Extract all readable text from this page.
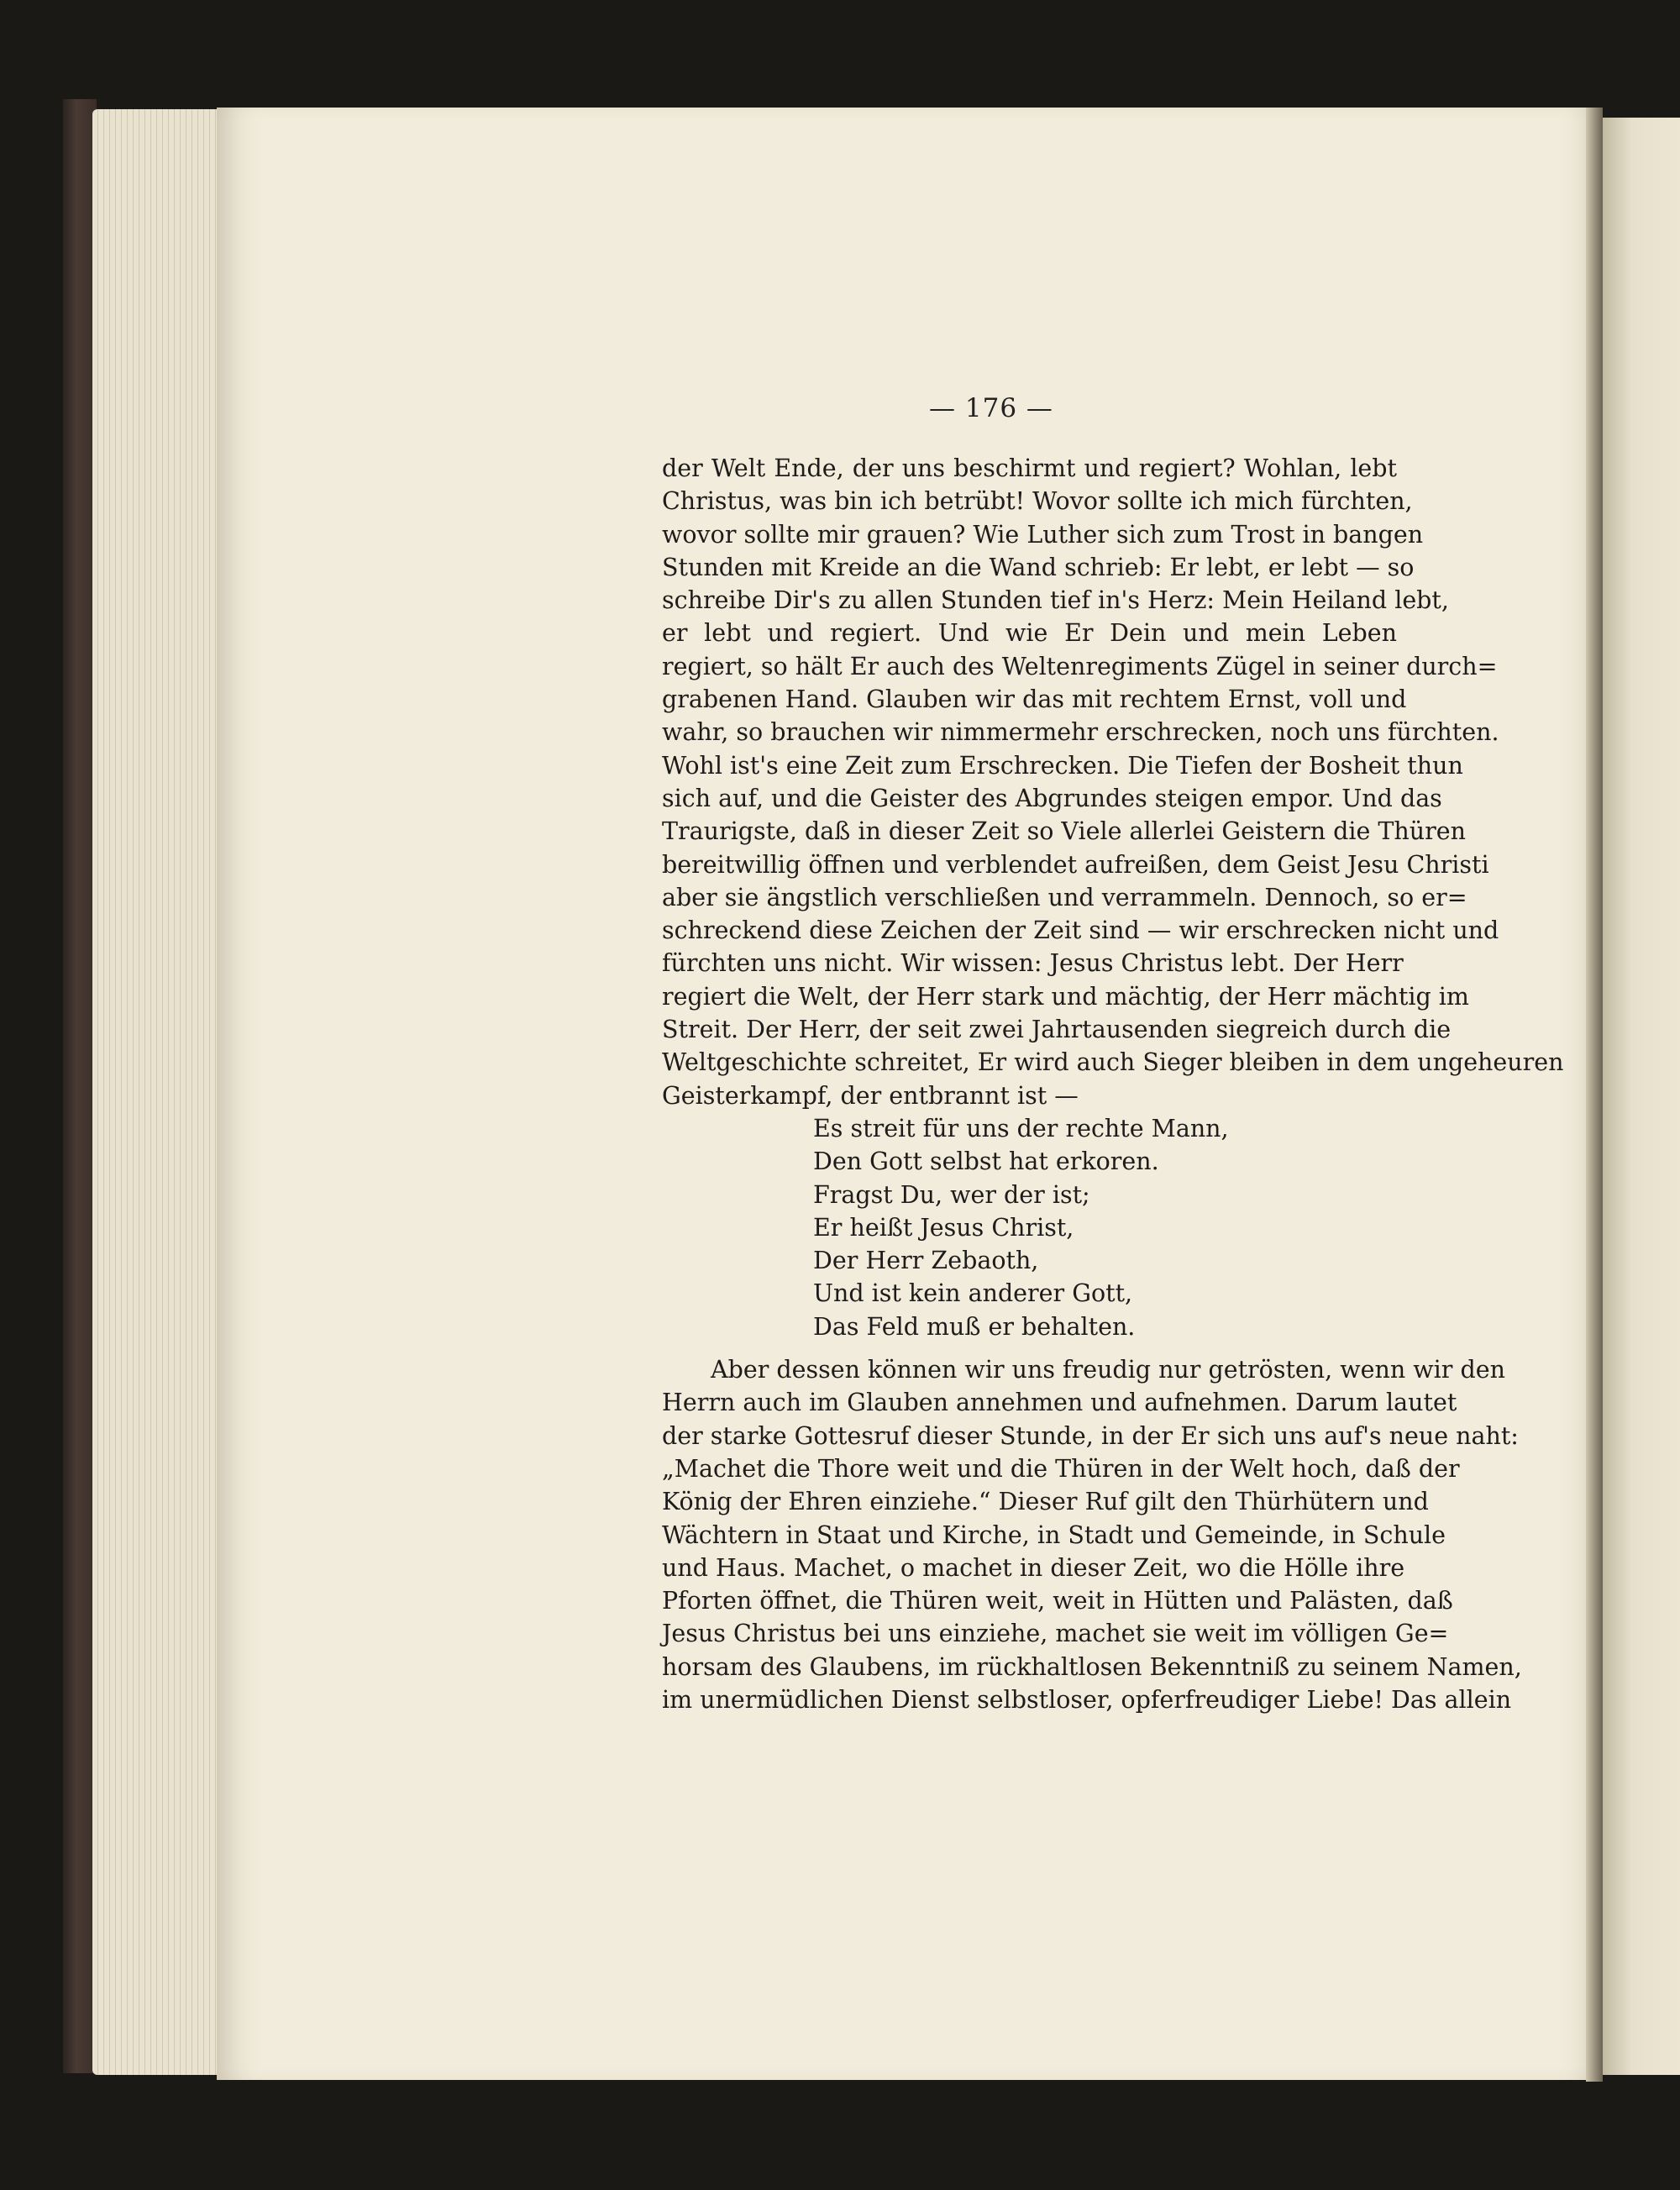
— 176 —
der Welt Ende, der uns beschirmt und regiert? Wohlan, lebt
Christus, was bin ich betrübt! Wovor sollte ich mich fürchten,
wovor sollte mir grauen? Wie Luther sich zum Trost in bangen
Stunden mit Kreide an die Wand schrieb: Er lebt, er lebt — so
schreibe Dir's zu allen Stunden tief in's Herz: Mein Heiland lebt,
er lebt und regiert. Und wie Er Dein und mein Leben
regiert, so hält Er auch des Weltenregiments Zügel in seiner durch=
grabenen Hand. Glauben wir das mit rechtem Ernst, voll und
wahr, so brauchen wir nimmermehr erschrecken, noch uns fürchten.
Wohl ist's eine Zeit zum Erschrecken. Die Tiefen der Bosheit thun
sich auf, und die Geister des Abgrundes steigen empor. Und das
Traurigste, daß in dieser Zeit so Viele allerlei Geistern die Thüren
bereitwillig öffnen und verblendet aufreißen, dem Geist Jesu Christi
aber sie ängstlich verschließen und verrammeln. Dennoch, so er=
schreckend diese Zeichen der Zeit sind — wir erschrecken nicht und
fürchten uns nicht. Wir wissen: Jesus Christus lebt. Der Herr
regiert die Welt, der Herr stark und mächtig, der Herr mächtig im
Streit. Der Herr, der seit zwei Jahrtausenden siegreich durch die
Weltgeschichte schreitet, Er wird auch Sieger bleiben in dem ungeheuren
Geisterkampf, der entbrannt ist —
Es streit für uns der rechte Mann,
Den Gott selbst hat erkoren.
Fragst Du, wer der ist;
Er heißt Jesus Christ,
Der Herr Zebaoth,
Und ist kein anderer Gott,
Das Feld muß er behalten.
Aber dessen können wir uns freudig nur getrösten, wenn wir den
Herrn auch im Glauben annehmen und aufnehmen. Darum lautet
der starke Gottesruf dieser Stunde, in der Er sich uns auf's neue naht:
„Machet die Thore weit und die Thüren in der Welt hoch, daß der
König der Ehren einziehe.“ Dieser Ruf gilt den Thürhütern und
Wächtern in Staat und Kirche, in Stadt und Gemeinde, in Schule
und Haus. Machet, o machet in dieser Zeit, wo die Hölle ihre
Pforten öffnet, die Thüren weit, weit in Hütten und Palästen, daß
Jesus Christus bei uns einziehe, machet sie weit im völligen Ge=
horsam des Glaubens, im rückhaltlosen Bekenntniß zu seinem Namen,
im unermüdlichen Dienst selbstloser, opferfreudiger Liebe! Das allein
